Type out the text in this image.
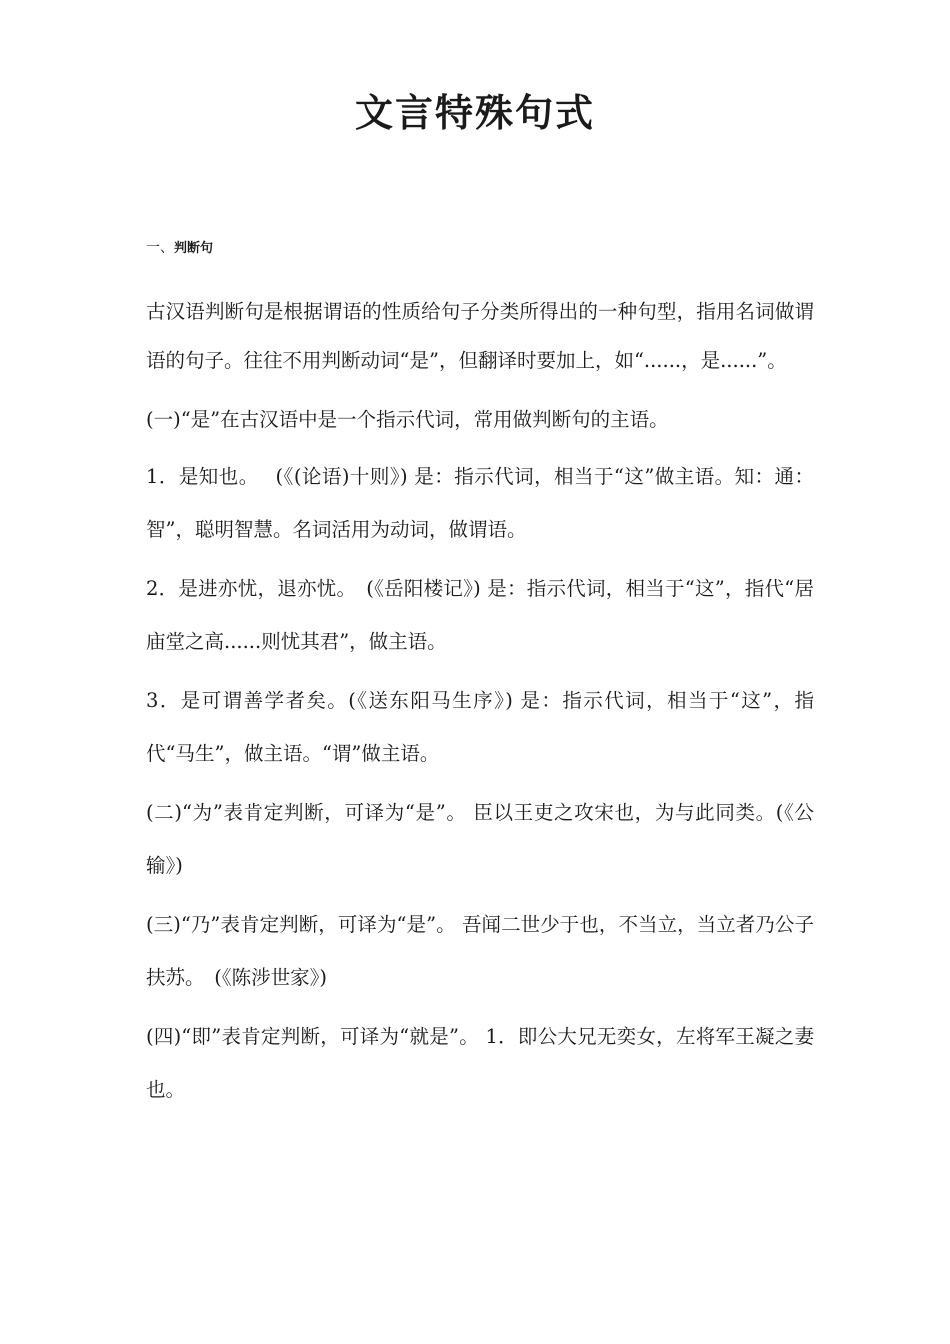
文言特殊句式
一、判断句

古汉语判断句是根据谓语的性质给句子分类所得出的一种句型，指用名词做谓语的句子。往往不用判断动词“是”，但翻译时要加上，如“......，是......”。

(一)“是”在古汉语中是一个指示代词，常用做判断句的主语。

1．是知也。　 (《(论语)十则》) 是：指示代词，相当于“这”做主语。知：通：智”，聪明智慧。名词活用为动词，做谓语。

2．是进亦忧，退亦忧。　(《岳阳楼记》) 是：指示代词，相当于“这”，指代“居庙堂之高......则忧其君”，做主语。

3．是可谓善学者矣。(《送东阳马生序》) 是：指示代词，相当于“这”，指代“马生”，做主语。“谓”做主语。

(二)“为”表肯定判断，可译为“是”。 臣以王吏之攻宋也，为与此同类。(《公输》)

(三)“乃”表肯定判断，可译为“是”。 吾闻二世少于也，不当立，当立者乃公子扶苏。　(《陈涉世家》)

(四)“即”表肯定判断，可译为“就是”。 1．即公大兄无奕女，左将军王凝之妻也。
